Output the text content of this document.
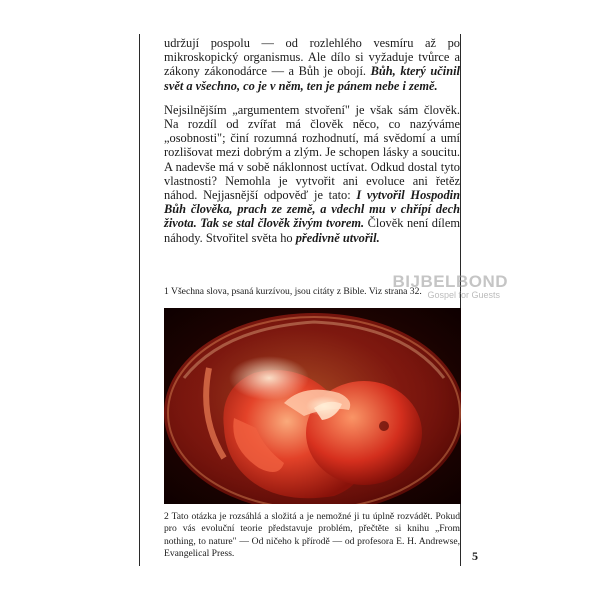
udržují pospolu — od rozlehlého vesmíru až po mikroskopický organismus. Ale dílo si vyžaduje tvůrce a zákony zákonodárce — a Bůh je obojí. Bůh, který učinil svět a všechno, co je v něm, ten je pánem nebe i země.

Nejsilnějším „argumentem stvoření" je však sám člověk. Na rozdíl od zvířat má člověk něco, co nazýváme „osobnosti"; činí rozumná rozhodnutí, má svědomí a umí rozlišovat mezi dobrým a zlým. Je schopen lásky a soucitu. A nadevše má v sobě náklonnost uctívat. Odkud dostal tyto vlastnosti? Nemohla je vytvořit ani evoluce ani řetěz náhod. Nejjasnější odpověď je tato: I vytvořil Hospodin Bůh člověka, prach ze země, a vdechl mu v chřípí dech života. Tak se stal člověk živým tvorem. Člověk není dílem náhody. Stvořitel světa ho předivně utvořil.

1 Všechna slova, psaná kurzívou, jsou citáty z Bible. Viz strana 32.
BIJBELBOND
Gospel for Guests
2 Tato otázka je rozsáhlá a složitá a je nemožné ji tu úplně rozvádět. Pokud pro vás evoluční teorie představuje problém, přečtěte si knihu „From nothing, to nature" — Od ničeho k přírodě — od profesora E. H. Andrewse, Evangelical Press.	5
